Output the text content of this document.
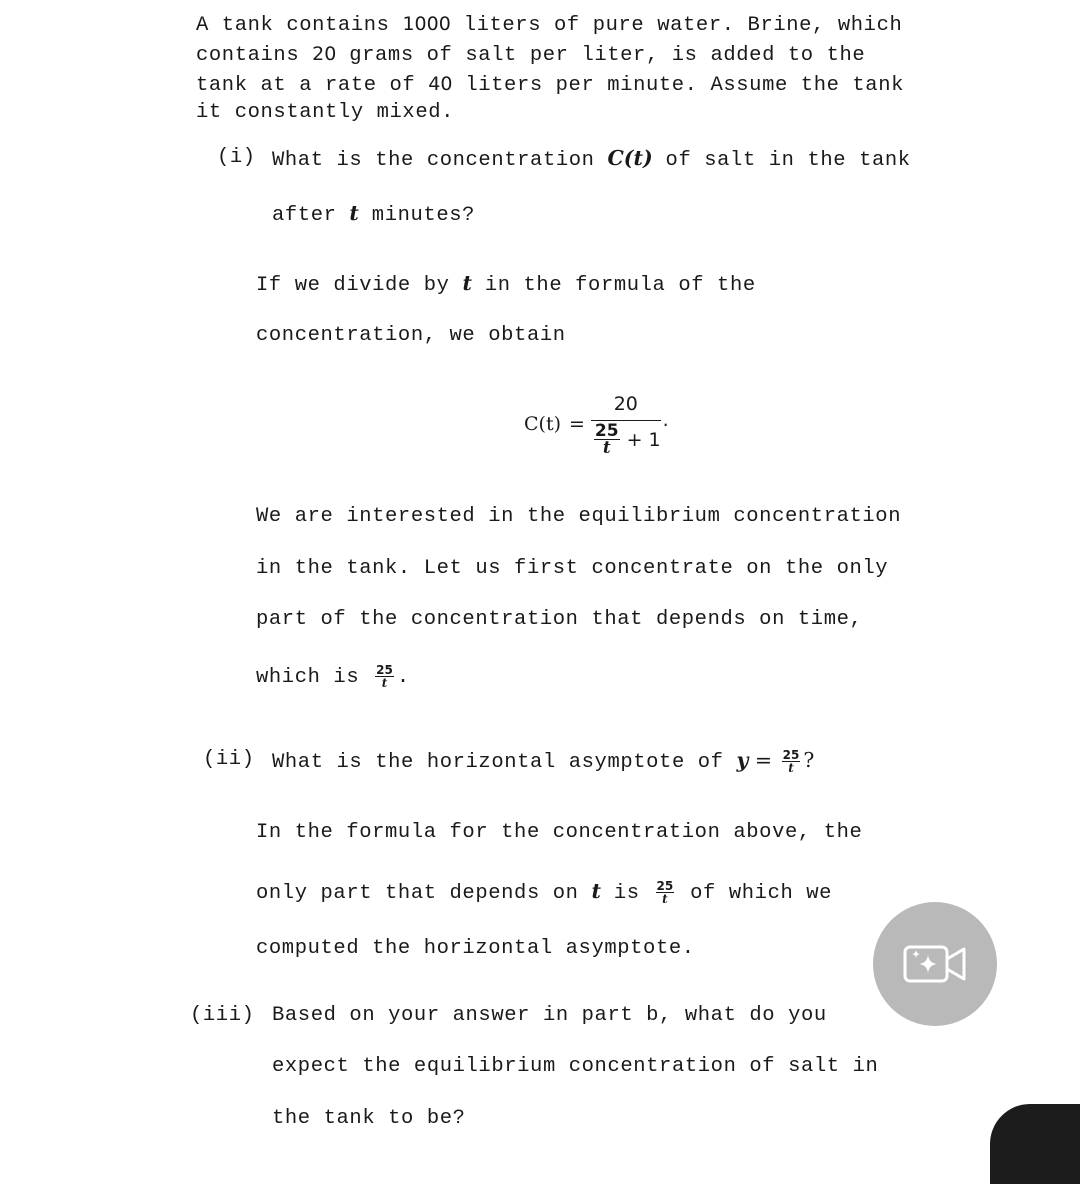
A tank contains 1000 liters of pure water. Brine, which
contains 20 grams of salt per liter, is added to the
tank at a rate of 40 liters per minute. Assume the tank
it constantly mixed.
(i) What is the concentration C(t) of salt in the tank
after t minutes?
If we divide by t in the formula of the
concentration, we obtain
$C(t) = \frac{20}{\frac{25}{t} + 1}$ .
We are interested in the equilibrium concentration
in the tank. Let us first concentrate on the only
part of the concentration that depends on time,
which is $\frac{25}{t}$ .
(ii) What is the horizontal asymptote of $y = \frac{25}{t}$ ?
In the formula for the concentration above, the
only part that depends on t is $\frac{25}{t}$ of which we
computed the horizontal asymptote.
(iii) Based on your answer in part b, what do you
expect the equilibrium concentration of salt in
the tank to be?
